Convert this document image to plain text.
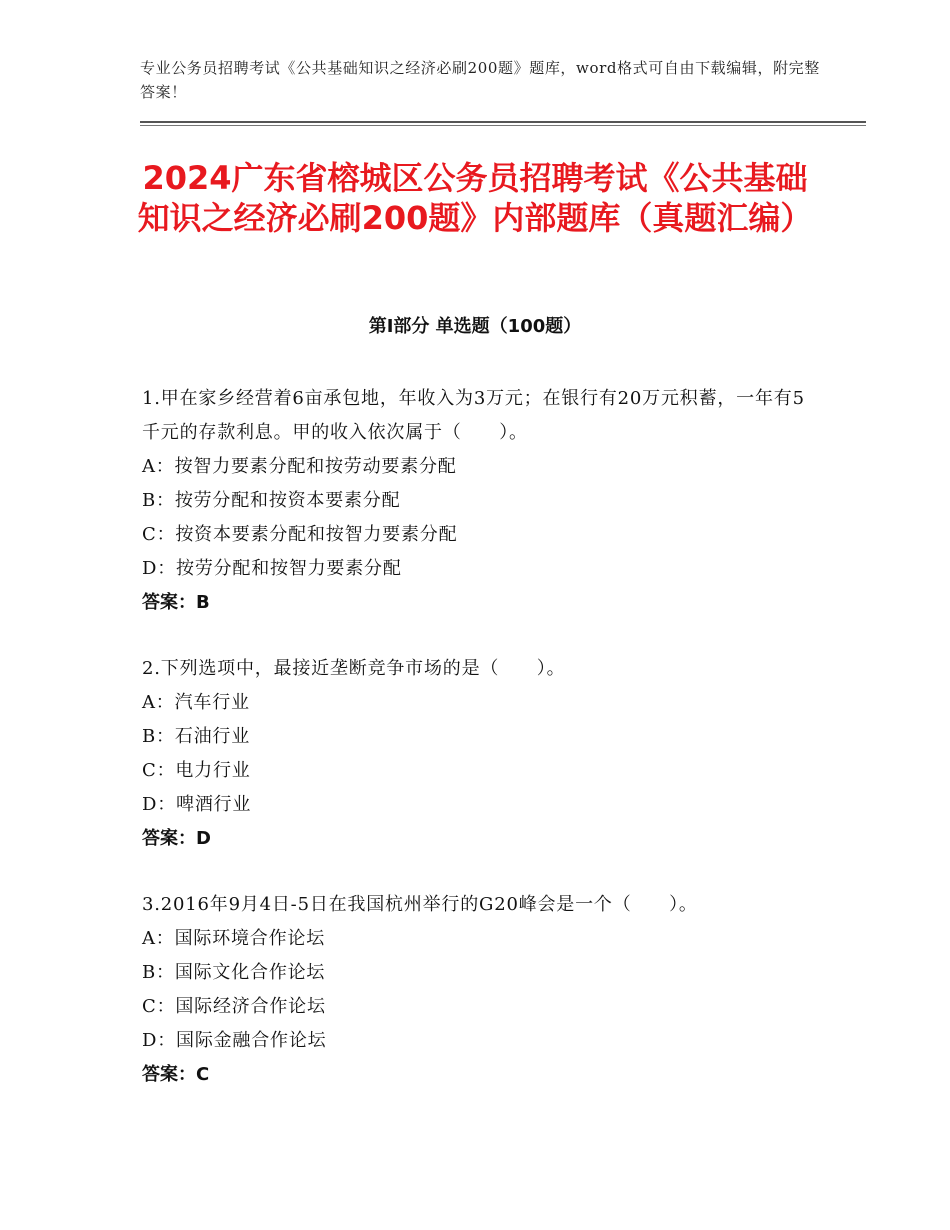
专业公务员招聘考试《公共基础知识之经济必刷200题》题库，word格式可自由下载编辑，附完整答案！
2024广东省榕城区公务员招聘考试《公共基础知识之经济必刷200题》内部题库（真题汇编）
第Ⅰ部分 单选题（100题）
1.甲在家乡经营着6亩承包地，年收入为3万元；在银行有20万元积蓄，一年有5千元的存款利息。甲的收入依次属于（　　）。
A：按智力要素分配和按劳动要素分配
B：按劳分配和按资本要素分配
C：按资本要素分配和按智力要素分配
D：按劳分配和按智力要素分配
答案：B
2.下列选项中，最接近垄断竞争市场的是（　　）。
A：汽车行业
B：石油行业
C：电力行业
D：啤酒行业
答案：D
3.2016年9月4日-5日在我国杭州举行的G20峰会是一个（　　）。
A：国际环境合作论坛
B：国际文化合作论坛
C：国际经济合作论坛
D：国际金融合作论坛
答案：C
